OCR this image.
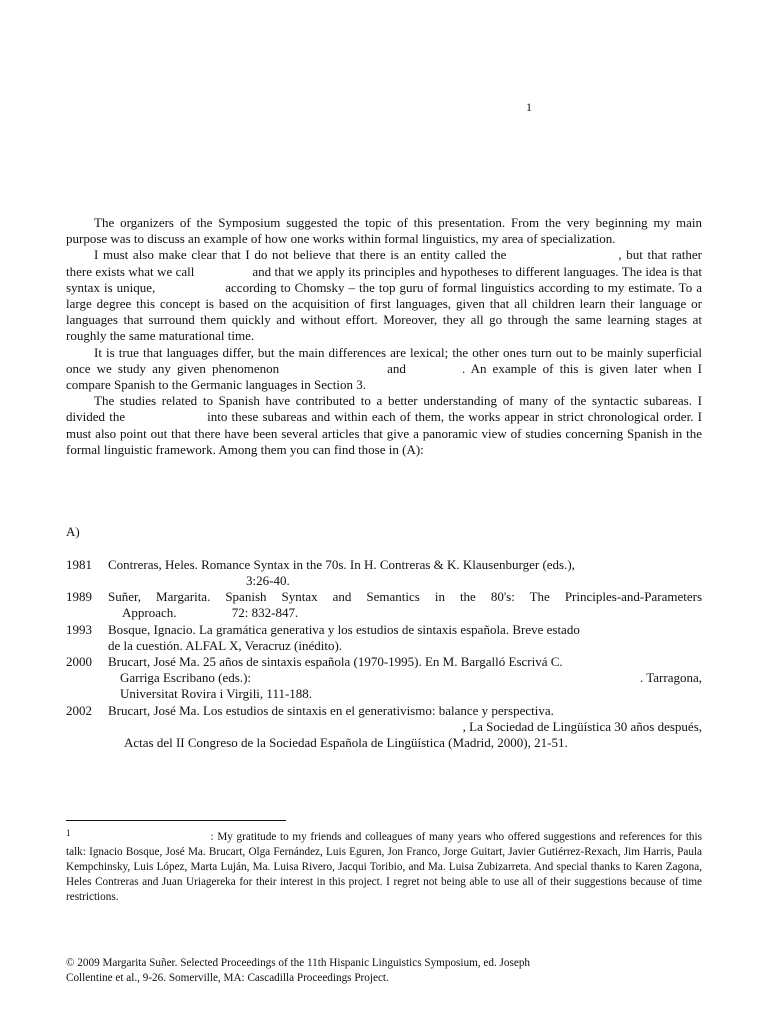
1

The organizers of the Symposium suggested the topic of this presentation. From the very beginning my main purpose was to discuss an example of how one works within formal linguistics, my area of specialization.

I must also make clear that I do not believe that there is an entity called the	, but that rather there exists what we call	and that we apply its principles and hypotheses to different languages. The idea is that syntax is unique,	according to Chomsky – the top guru of formal linguistics according to my estimate. To a large degree this concept is based on the acquisition of first languages, given that all children learn their language or languages that surround them quickly and without effort. Moreover, they all go through the same learning stages at roughly the same maturational time.

It is true that languages differ, but the main differences are lexical; the other ones turn out to be mainly superficial once we study any given phenomenon	and	. An example of this is given later when I compare Spanish to the Germanic languages in Section 3.

The studies related to Spanish have contributed to a better understanding of many of the syntactic subareas. I divided the	into these subareas and within each of them, the works appear in strict chronological order. I must also point out that there have been several articles that give a panoramic view of studies concerning Spanish in the formal linguistic framework. Among them you can find those in (A):

A)
1981 Contreras, Heles. Romance Syntax in the 70s. In H. Contreras & K. Klausenburger (eds.),
3:26-40.
1989 Suñer, Margarita. Spanish Syntax and Semantics in the 80's: The Principles-and-Parameters
Approach.                 72: 832-847.
1993 Bosque, Ignacio. La gramática generativa y los estudios de sintaxis española. Breve estado
de la cuestión. ALFAL X, Veracruz (inédito).
2000 Brucart, José Ma. 25 años de sintaxis española (1970-1995). En M. Bargalló Escrivá C.
Garriga Escribano (eds.):	. Tarragona,
Universitat Rovira i Virgili, 111-188.
2002 Brucart, José Ma. Los estudios de sintaxis en el generativismo: balance y perspectiva.
, La Sociedad de Lingüística 30 años después,
Actas del II Congreso de la Sociedad Española de Lingüística (Madrid, 2000), 21-51.
$^1$	: My gratitude to my friends and colleagues of many years who offered suggestions and references for this talk: Ignacio Bosque, José Ma. Brucart, Olga Fernández, Luis Eguren, Jon Franco, Jorge Guitart, Javier Gutiérrez-Rexach, Jim Harris, Paula Kempchinsky, Luis López, Marta Luján, Ma. Luisa Rivero, Jacqui Toribio, and Ma. Luisa Zubizarreta. And special thanks to Karen Zagona, Heles Contreras and Juan Uriagereka for their interest in this project. I regret not being able to use all of their suggestions because of time restrictions.
© 2009 Margarita Suñer. Selected Proceedings of the 11th Hispanic Linguistics Symposium, ed. Joseph
Collentine et al., 9-26. Somerville, MA: Cascadilla Proceedings Project.
